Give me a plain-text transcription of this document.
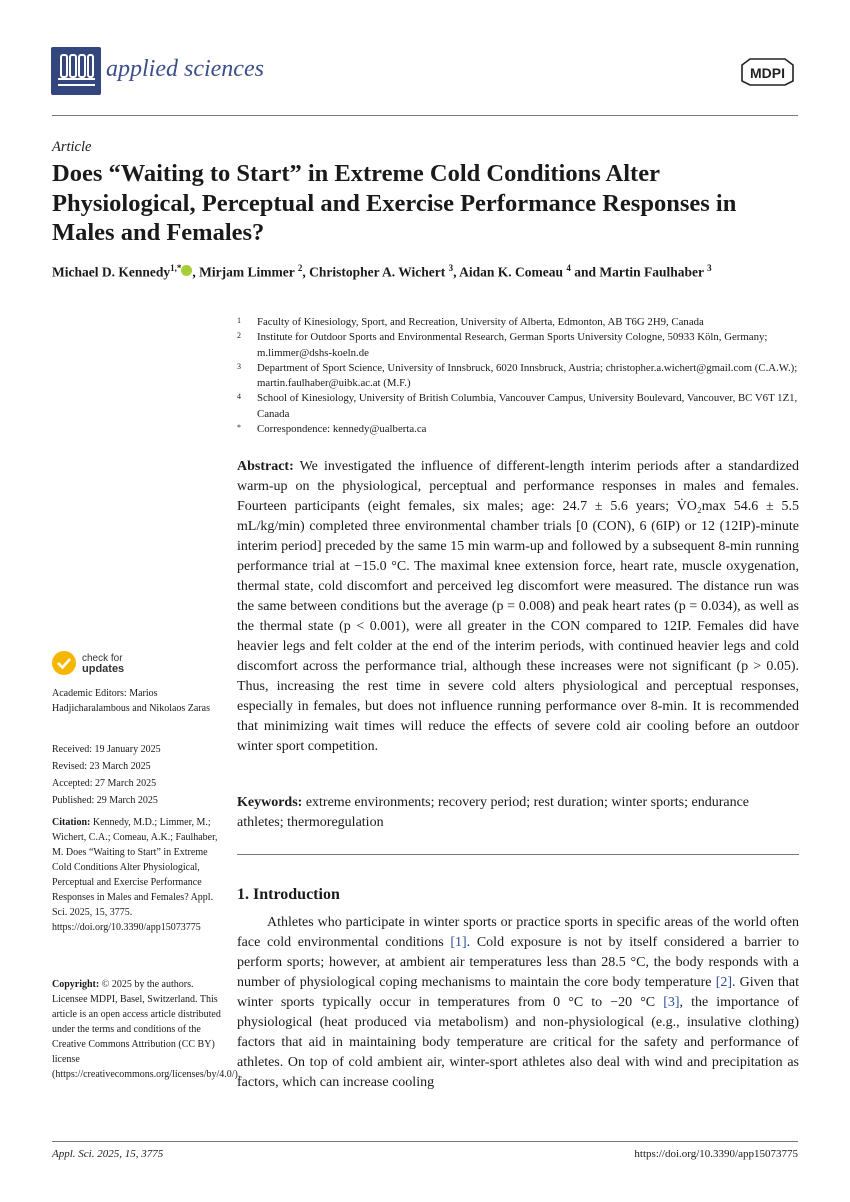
applied sciences	MDPI
Article
Does “Waiting to Start” in Extreme Cold Conditions Alter Physiological, Perceptual and Exercise Performance Responses in Males and Females?
Michael D. Kennedy$^{1,*}$ , Mirjam Limmer $^2$, Christopher A. Wichert $^3$, Aidan K. Comeau $^4$ and Martin Faulhaber $^3$
1	Faculty of Kinesiology, Sport, and Recreation, University of Alberta, Edmonton, AB T6G 2H9, Canada
2	Institute for Outdoor Sports and Environmental Research, German Sports University Cologne, 50933 Köln, Germany; m.limmer@dshs-koeln.de
3	Department of Sport Science, University of Innsbruck, 6020 Innsbruck, Austria; christopher.a.wichert@gmail.com (C.A.W.); martin.faulhaber@uibk.ac.at (M.F.)
4	School of Kinesiology, University of British Columbia, Vancouver Campus, University Boulevard, Vancouver, BC V6T 1Z1, Canada
*	Correspondence: kennedy@ualberta.ca
Abstract: We investigated the influence of different-length interim periods after a standardized warm-up on the physiological, perceptual and performance responses in males and females. Fourteen participants (eight females, six males; age: 24.7 ± 5.6 years; V̇O₂max 54.6 ± 5.5 mL/kg/min) completed three environmental chamber trials [0 (CON), 6 (6IP) or 12 (12IP)-minute interim period] preceded by the same 15 min warm-up and followed by a subsequent 8-min running performance trial at −15.0 °C. The maximal knee extension force, heart rate, muscle oxygenation, thermal state, cold discomfort and perceived leg discomfort were measured. The distance run was the same between conditions but the average (p = 0.008) and peak heart rates (p = 0.034), as well as the thermal state (p < 0.001), were all greater in the CON compared to 12IP. Females did have heavier legs and felt colder at the end of the interim periods, with continued heavier legs and cold discomfort across the performance trial, although these increases were not significant (p > 0.05). Thus, increasing the rest time in severe cold alters physiological and perceptual responses, especially in females, but does not influence running performance over 8-min. It is recommended that minimizing wait times will reduce the effects of severe cold air cooling before an outdoor winter sport competition.
Keywords: extreme environments; recovery period; rest duration; winter sports; endurance athletes; thermoregulation
1. Introduction
Athletes who participate in winter sports or practice sports in specific areas of the world often face cold environmental conditions [1]. Cold exposure is not by itself considered a barrier to perform sports; however, at ambient air temperatures less than 28.5 °C, the body responds with a number of physiological coping mechanisms to maintain the core body temperature [2]. Given that winter sports typically occur in temperatures from 0 °C to −20 °C [3], the importance of physiological (heat produced via metabolism) and non-physiological (e.g., insulative clothing) factors that aid in maintaining body temperature are critical for the safety and performance of athletes. On top of cold ambient air, winter-sport athletes also deal with wind and precipitation as factors, which can increase cooling
check for
updates
Academic Editors: Marios Hadjicharalambous and Nikolaos Zaras
Received: 19 January 2025
Revised: 23 March 2025
Accepted: 27 March 2025
Published: 29 March 2025
Citation: Kennedy, M.D.; Limmer, M.; Wichert, C.A.; Comeau, A.K.; Faulhaber, M. Does “Waiting to Start” in Extreme Cold Conditions Alter Physiological, Perceptual and Exercise Performance Responses in Males and Females? Appl. Sci. 2025, 15, 3775. https://doi.org/10.3390/app15073775
Copyright: © 2025 by the authors. Licensee MDPI, Basel, Switzerland. This article is an open access article distributed under the terms and conditions of the Creative Commons Attribution (CC BY) license (https://creativecommons.org/licenses/by/4.0/).
Appl. Sci. 2025, 15, 3775	https://doi.org/10.3390/app15073775
